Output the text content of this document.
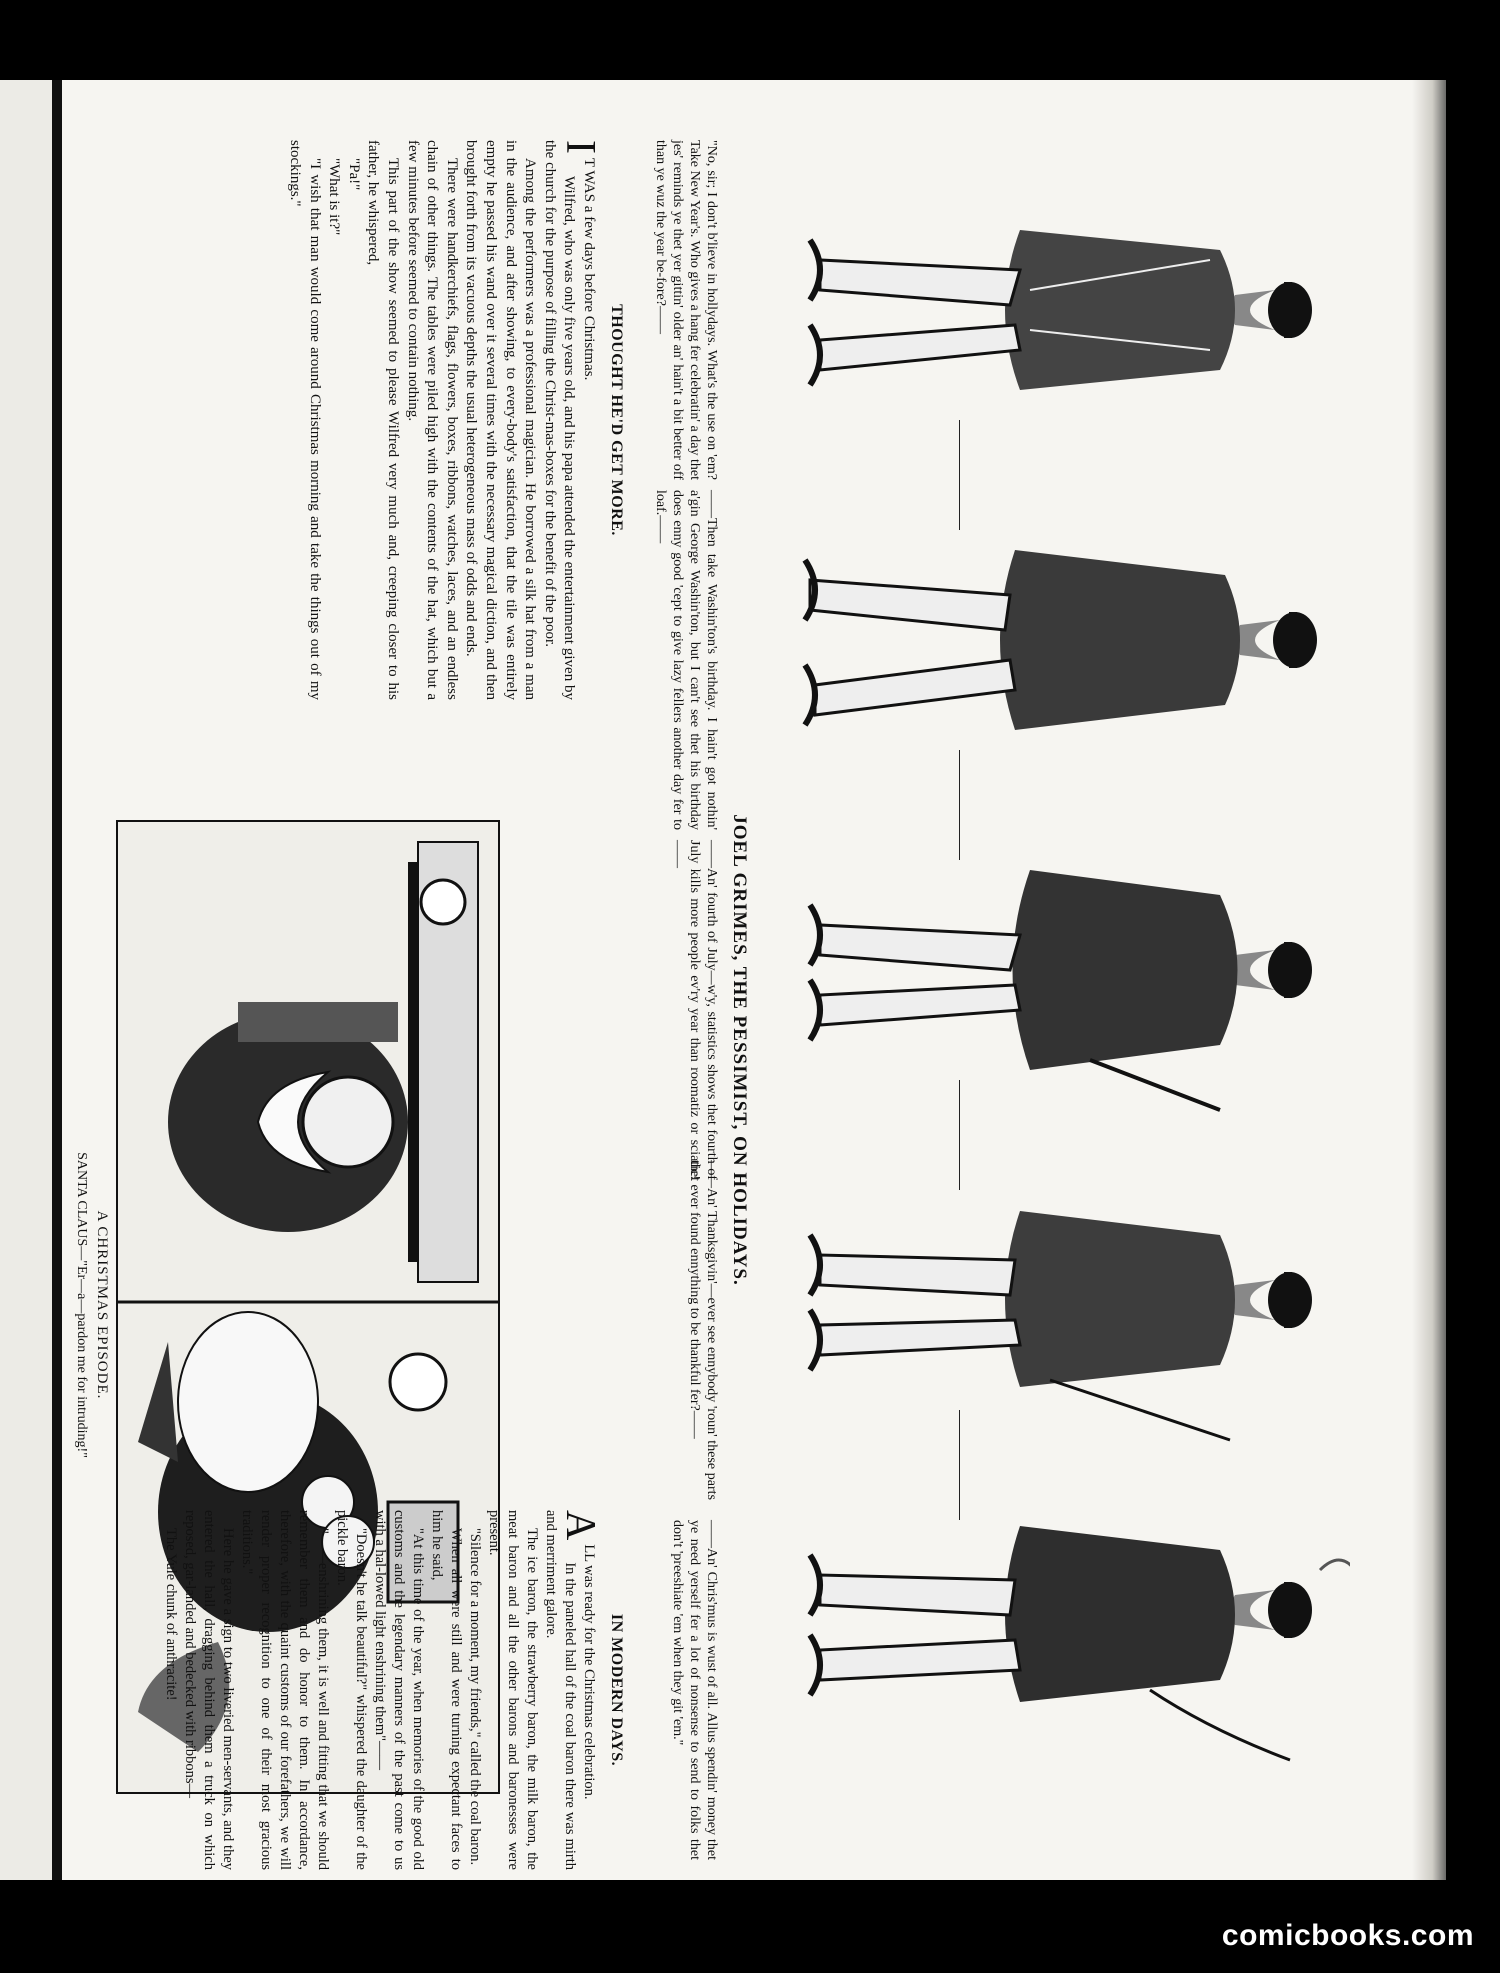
JOEL GRIMES, THE PESSIMIST, ON HOLIDAYS.
"No, sir; I don't b'lieve in hollydays. What's the use on 'em? Take New Year's. Who gives a hang fer celebratin' a day thet jes' reminds ye thet yer gittin' older an' hain't a bit better off than ye wuz the year be-fore?——
——Then take Washin'ton's birthday. I hain't got nothin' a'gin George Washin'ton, but I can't see thet his birthday does enny good 'cept to give lazy fellers another day fer to loaf.——
——An' fourth of July—w'y, statistics shows thet fourth of July kills more people ev'ry year than roomatiz or sciatic!——
——An' Thanksgivin'—ever see ennybody 'roun' these parts thet ever found ennything to be thankful fer?——
——An' Chris'mus is wust of all. Allus spendin' money thet ye need yerself fer a lot of nonsense to send to folks thet don't 'preeshiate 'em when they git 'em."
THOUGHT HE'D GET MORE.

I
T WAS a few days before Christmas.

Wilfred, who was only five years old, and his papa attended the entertainment given by the church for the purpose of filling the Christ-mas-boxes for the benefit of the poor.

Among the performers was a professional magician. He borrowed a silk hat from a man in the audience, and after showing, to every-body's satisfaction, that the tile was entirely empty he passed his wand over it several times with the necessary magical diction, and then brought forth from its vacuous depths the usual heterogeneous mass of odds and ends.

There were handkerchiefs, flags, flowers, boxes, ribbons, watches, laces, and an endless chain of other things. The tables were piled high with the contents of the hat, which but a few minutes before seemed to contain nothing.

This part of the show seemed to please Wilfred very much and, creeping closer to his father, he whispered,

"Pa!"

"What is it?"

"I wish that man would come around Christmas morning and take the things out of my stockings."

A CHRISTMAS EPISODE.
SANTA CLAUS—"Er—a—pardon me for intruding!"
IN MODERN DAYS.

A
LL was ready for the Christmas celebration.

In the paneled hall of the coal baron there was mirth and merriment galore.

The ice baron, the strawberry baron, the milk baron, the meat baron and all the other barons and baronesses were present.

"Silence for a moment, my friends," called the coal baron.

When all were still and were turning expectant faces to him he said,

"At this time of the year, when memories of the good old customs and the legendary manners of the past come to us with a hal-lowed light enshrining them"——

"Doesn't he talk beautiful?" whispered the daughter of the pickle baron.

"——enshrining them, it is well and fitting that we should remember them and do honor to them. In accordance, therefore, with the quaint customs of our forefathers, we will render proper recognition to one of their most gracious traditions."

Here he gave a sign to two liveried men-servants, and they entered the hall, dragging behind them a truck on which reposed, gar-landed and bedecked with ribbons—

The Yule chunk of anthracite!

comicbooks.com
